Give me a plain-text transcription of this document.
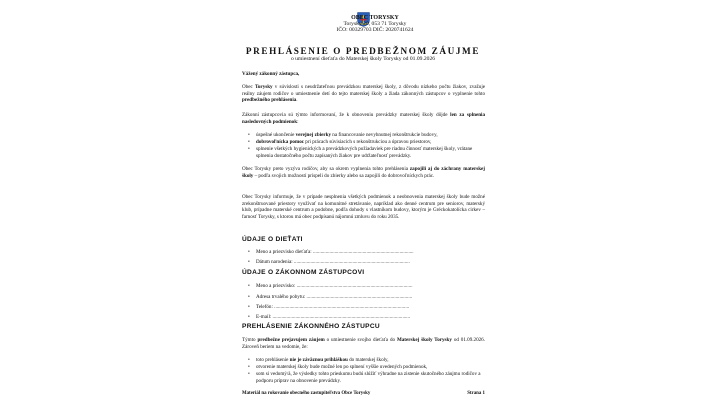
OBEC TORYSKY
Torysky 20, 053 71 Torysky
IČO: 00329703 DIČ: 2020741624
PREHLÁSENIE O PREDBEŽNOM ZÁUJME
o umiestnení dieťaťa do Materskej školy Torysky od 01.09.2026
Vážený zákonný zástupca,
Obec Torysky v súvislosti s neudržateľnou prevádzkou materskej školy, z dôvodu nízkeho počtu žiakov, zvažuje reálny záujem rodičov o umiestnenie detí do tejto materskej školy a žiada zákonných zástupcov o vyplnenie tohto predbežného prehlásenia.
Zákonní zástupcovia sú týmto informovaní, že k obnoveniu prevádzky materskej školy dôjde len za splnenia nasledovných podmienok:
• úspešné ukončenie verejnej zbierky na financovanie nevyhnutnej rekonštrukcie budovy,
• dobrovoľnícka pomoc pri prácach súvisiacich s rekonštrukciou a úpravou priestorov,
• splnenie všetkých hygienických a prevádzkových požiadaviek pre riadnu činnosť materskej školy, vrátane splnenia dostatočného počtu zapísaných žiakov pre udržateľnosť prevádzky.
Obec Torysky preto vyzýva rodičov, aby sa okrem vyplnenia tohto prehlásenia zapojili aj do záchrany materskej školy – podľa svojich možností prispeli do zbierky alebo sa zapojili do dobrovoľníckych prác.
Obec Torysky informuje, že v prípade nesplnenia všetkých podmienok a neobnovenia materskej školy bude možné zrekonštruované priestory využívať na komunitné stretávanie, napríklad ako denné centrum pre seniorov, materský klub, prípadne materské centrum a podobne, podľa dohody s vlastníkom budovy, ktorým je Gréckokatolícka cirkev – farnosť Torysky, s ktorou má obec podpísanú nájomnú zmluvu do roku 2035.
ÚDAJE O DIEŤATI
• Meno a priezvisko dieťaťa: ...............................................................................
• Dátum narodenia: ...........................................................................................
ÚDAJE O ZÁKONNOM ZÁSTUPCOVI
• Meno a priezvisko: ...........................................................................................
• Adresa trvalého pobytu: ...................................................................................
• Telefón: ..........................................................................................................
• E-mail: ............................................................................................................
PREHLÁSENIE ZÁKONNÉHO ZÁSTUPCU
Týmto predbežne prejavujem záujem o umiestnenie svojho dieťaťa do Materskej školy Torysky od 01.09.2026. Zároveň beriem na vedomie, že:
• toto prehlásenie nie je záväznou prihláškou do materskej školy,
• otvorenie materskej školy bude možné len po splnení vyššie uvedených podmienok,
• som si vedomý/á, že výsledky tohto prieskumu budú slúžiť výhradne na zistenie skutočného záujmu rodičov a podporu príprav na obnovenie prevádzky.
Materiál na rokovanie obecného zastupiteľstva Obce Torysky	Strana 1
